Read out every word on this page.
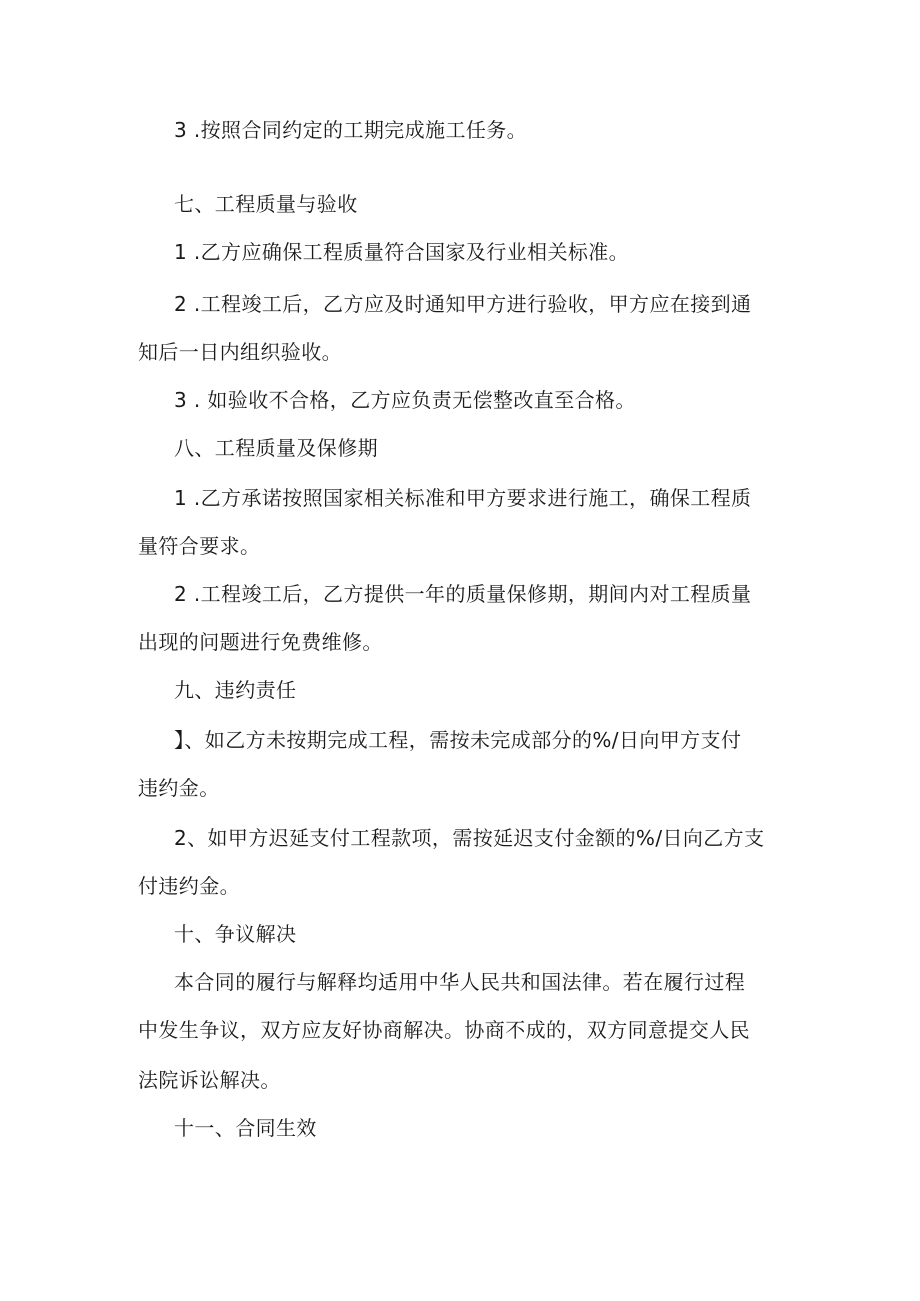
3 .按照合同约定的工期完成施工任务。

七、工程质量与验收

1 .乙方应确保工程质量符合国家及行业相关标准。

2 .工程竣工后，乙方应及时通知甲方进行验收，甲方应在接到通

知后一日内组织验收。

3 . 如验收不合格，乙方应负责无偿整改直至合格。

八、工程质量及保修期

1 .乙方承诺按照国家相关标准和甲方要求进行施工，确保工程质

量符合要求。

2 .工程竣工后，乙方提供一年的质量保修期，期间内对工程质量

出现的问题进行免费维修。

九、违约责任

】、如乙方未按期完成工程，需按未完成部分的%/日向甲方支付

违约金。

2、如甲方迟延支付工程款项，需按延迟支付金额的%/日向乙方支

付违约金。

十、争议解决

本合同的履行与解释均适用中华人民共和国法律。若在履行过程

中发生争议，双方应友好协商解决。协商不成的，双方同意提交人民

法院诉讼解决。

十一、合同生效
